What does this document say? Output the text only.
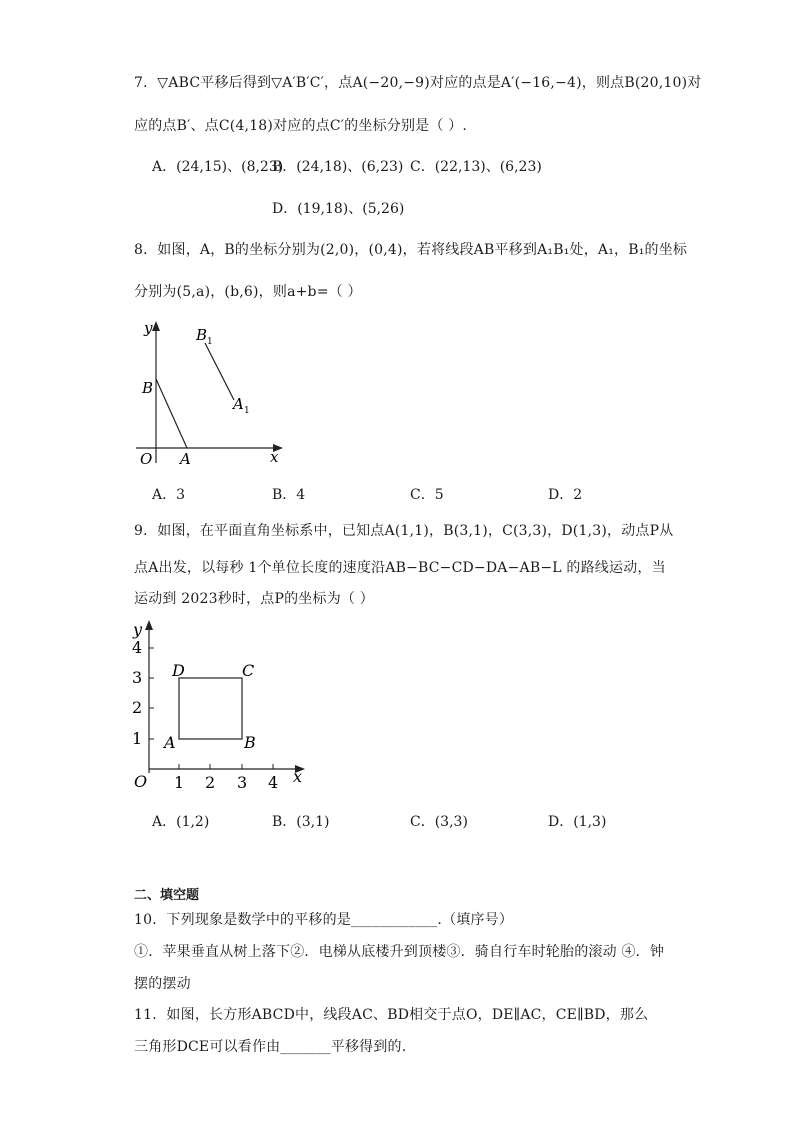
7．▽ABC平移后得到▽A′B′C′，点A(−20,−9)对应的点是A′(−16,−4)，则点B(20,10)对
应的点B′、点C(4,18)对应的点C′的坐标分别是（ ）.
A．(24,15)、(8,23)
B．(24,18)、(6,23) C．(22,13)、(6,23)
D．(19,18)、(5,26)
8．如图，A，B的坐标分别为(2,0)，(0,4)，若将线段AB平移到A₁B₁处，A₁，B₁的坐标
分别为(5,a)，(b,6)，则a+b=（ ）
y
x
O A
B
B 1
A 1
A．3	B．4	C．5	D．2
9．如图，在平面直角坐标系中，已知点A(1,1)，B(3,1)，C(3,3)，D(1,3)，动点P从
点A出发，以每秒 1个单位长度的速度沿AB−BC−CD−DA−AB−L 的路线运动，当
运动到 2023秒时，点P的坐标为（ ）
1
2
3
4
1 2 3 4
O
y
x
A	B
C
D
A．(1,2)	B．(3,1)	C．(3,3)	D．(1,3)
二、填空题
10．下列现象是数学中的平移的是____________.（填序号）
①．苹果垂直从树上落下②．电梯从底楼升到顶楼③．骑自行车时轮胎的滚动 ④．钟
摆的摆动
11．如图，长方形ABCD中，线段AC、BD相交于点O，DE∥AC，CE∥BD，那么
三角形DCE可以看作由_______平移得到的.
